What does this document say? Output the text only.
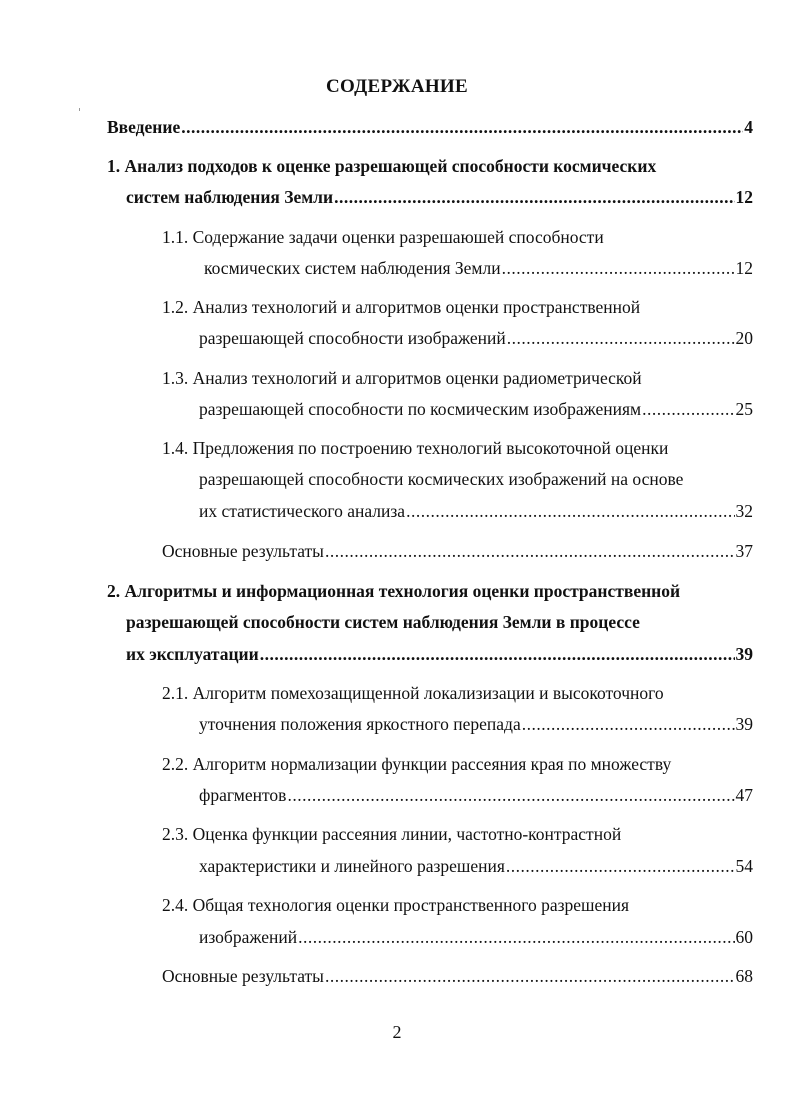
СОДЕРЖАНИЕ
Введение .....	4
1. Анализ подходов к оценке разрешающей способности космических
систем наблюдения Земли .....	12
1.1. Содержание задачи оценки разрешаюшей способности
космических систем наблюдения Земли .....	12
1.2. Анализ технологий и алгоритмов оценки пространственной
разрешающей способности изображений .....	20
1.3. Анализ технологий и алгоритмов оценки радиометрической
разрешающей способности по космическим изображениям .....	25
1.4. Предложения по построению технологий высокоточной оценки
разрешающей способности космических изображений на основе
их статистического анализа .....	32
Основные результаты .....	37
2. Алгоритмы и информационная технология оценки пространственной
разрешающей способности систем наблюдения Земли в процессе
их эксплуатации .....	39
2.1. Алгоритм помехозащищенной локализизации и высокоточного
уточнения положения яркостного перепада .....	39
2.2. Алгоритм нормализации функции рассеяния края по множеству
фрагментов .....	47
2.3. Оценка функции рассеяния линии, частотно-контрастной
характеристики и линейного разрешения .....	54
2.4. Общая технология оценки пространственного разрешения
изображений .....	60
Основные результаты .....	68
2
